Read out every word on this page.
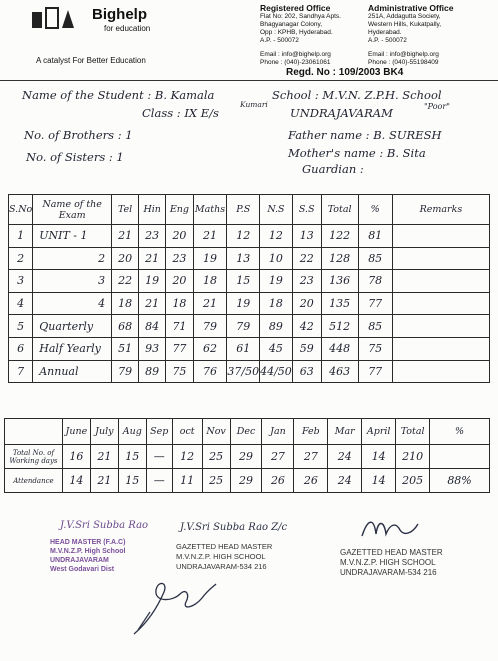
Bighelp
for education
A catalyst For Better Education
Registered Office
Flat No: 202, Sandhya Apts.
Bhagyanagar Colony,
Opp : KPHB, Hyderabad.
A.P. - 500072
Email : info@bighelp.org
Phone : (040)-23061061
Administrative Office
251A, Addagutta Society,
Western Hills, Kukatpally,
Hyderabad.
A.P. - 500072
Email : info@bighelp.org
Phone : (040)-55198409
Regd. No : 109/2003 BK4
Name of the Student : B. Kamala	School : M.V.N. Z.P.H. School
Class : IX E/s
Kumari
UNDRAJAVARAM	"Poor"
No. of Brothers : 1
No. of Sisters : 1
Father name : B. SURESH
Mother's name : B. Sita
Guardian :
S.No	Name of the Exam	Tel	Hin	Eng	Maths	P.S	N.S	S.S	Total	%	Remarks
1	UNIT - 1	21	23	20	21	12	12	13	122	81	
2	2	20	21	23	19	13	10	22	128	85	
3	3	22	19	20	18	15	19	23	136	78	
4	4	18	21	18	21	19	18	20	135	77	
5	Quarterly	68	84	71	79	79	89	42	512	85	
6	Half Yearly	51	93	77	62	61	45	59	448	75	
7	Annual	79	89	75	76	37/50	44/50	63	463	77	
	June	July	Aug	Sep	oct	Nov	Dec	Jan	Feb	Mar	April	Total	%
Total No. of Working days	16	21	15	—	12	25	29	27	27	24	14	210	
Attendance	14	21	15	—	11	25	29	26	26	24	14	205	88%
J.V.Sri Subba Rao
HEAD MASTER (F.A.C)
M.V.N.Z.P. High School
UNDRAJAVARAM
West Godavari Dist
J.V.Sri Subba Rao Z/c
GAZETTED HEAD MASTER
M.V.N.Z.P. HIGH SCHOOL
UNDRAJAVARAM-534 216
GAZETTED HEAD MASTER
M.V.N.Z.P. HIGH SCHOOL
UNDRAJAVARAM-534 216
